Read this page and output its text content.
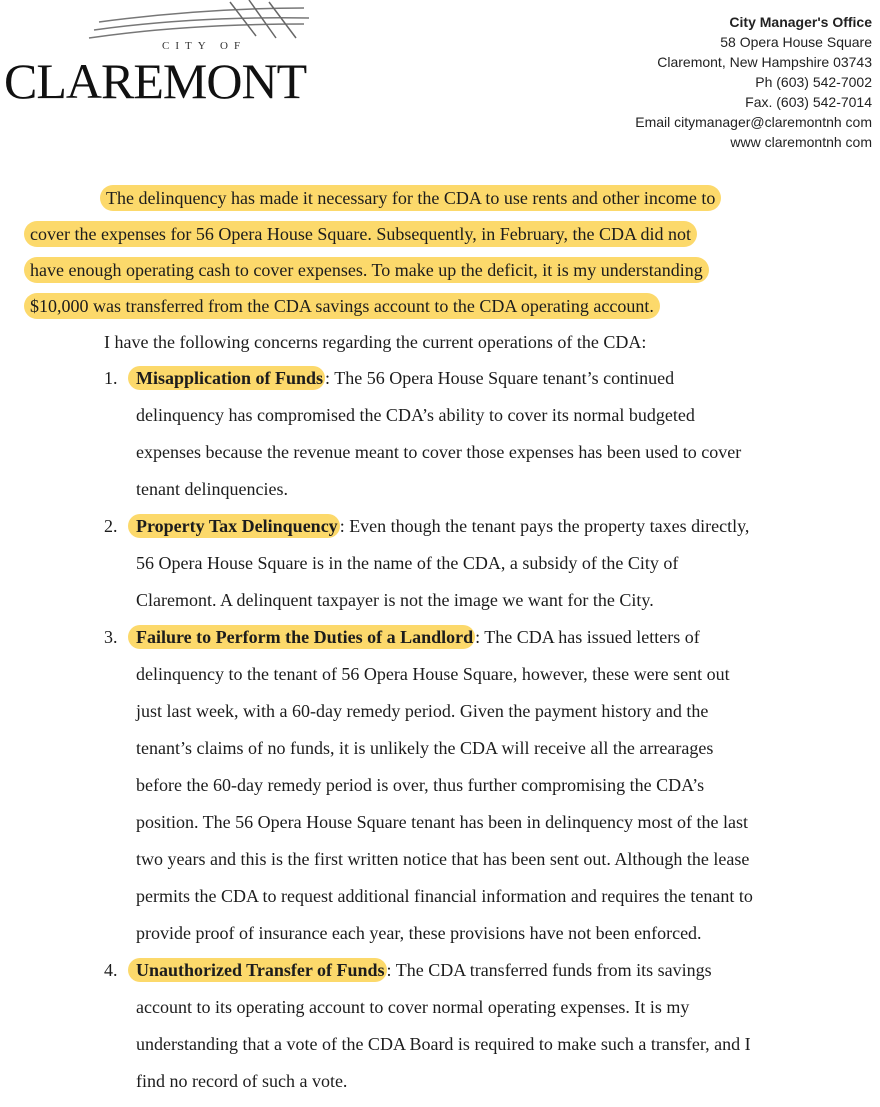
CITY OF
CLAREMONT
City Manager's Office
58 Opera House Square
Claremont, New Hampshire 03743
Ph (603) 542-7002
Fax. (603) 542-7014
Email citymanager@claremontnh com
www claremontnh com
The delinquency has made it necessary for the CDA to use rents and other income to
cover the expenses for 56 Opera House Square. Subsequently, in February, the CDA did not
have enough operating cash to cover expenses. To make up the deficit, it is my understanding
$10,000 was transferred from the CDA savings account to the CDA operating account.
I have the following concerns regarding the current operations of the CDA:
1. Misapplication of Funds : The 56 Opera House Square tenant’s continued
delinquency has compromised the CDA’s ability to cover its normal budgeted
expenses because the revenue meant to cover those expenses has been used to cover
tenant delinquencies.
2. Property Tax Delinquency : Even though the tenant pays the property taxes directly,
56 Opera House Square is in the name of the CDA, a subsidy of the City of
Claremont. A delinquent taxpayer is not the image we want for the City.
3. Failure to Perform the Duties of a Landlord : The CDA has issued letters of
delinquency to the tenant of 56 Opera House Square, however, these were sent out
just last week, with a 60-day remedy period. Given the payment history and the
tenant’s claims of no funds, it is unlikely the CDA will receive all the arrearages
before the 60-day remedy period is over, thus further compromising the CDA’s
position. The 56 Opera House Square tenant has been in delinquency most of the last
two years and this is the first written notice that has been sent out. Although the lease
permits the CDA to request additional financial information and requires the tenant to
provide proof of insurance each year, these provisions have not been enforced.
4. Unauthorized Transfer of Funds : The CDA transferred funds from its savings
account to its operating account to cover normal operating expenses. It is my
understanding that a vote of the CDA Board is required to make such a transfer, and I
find no record of such a vote.
